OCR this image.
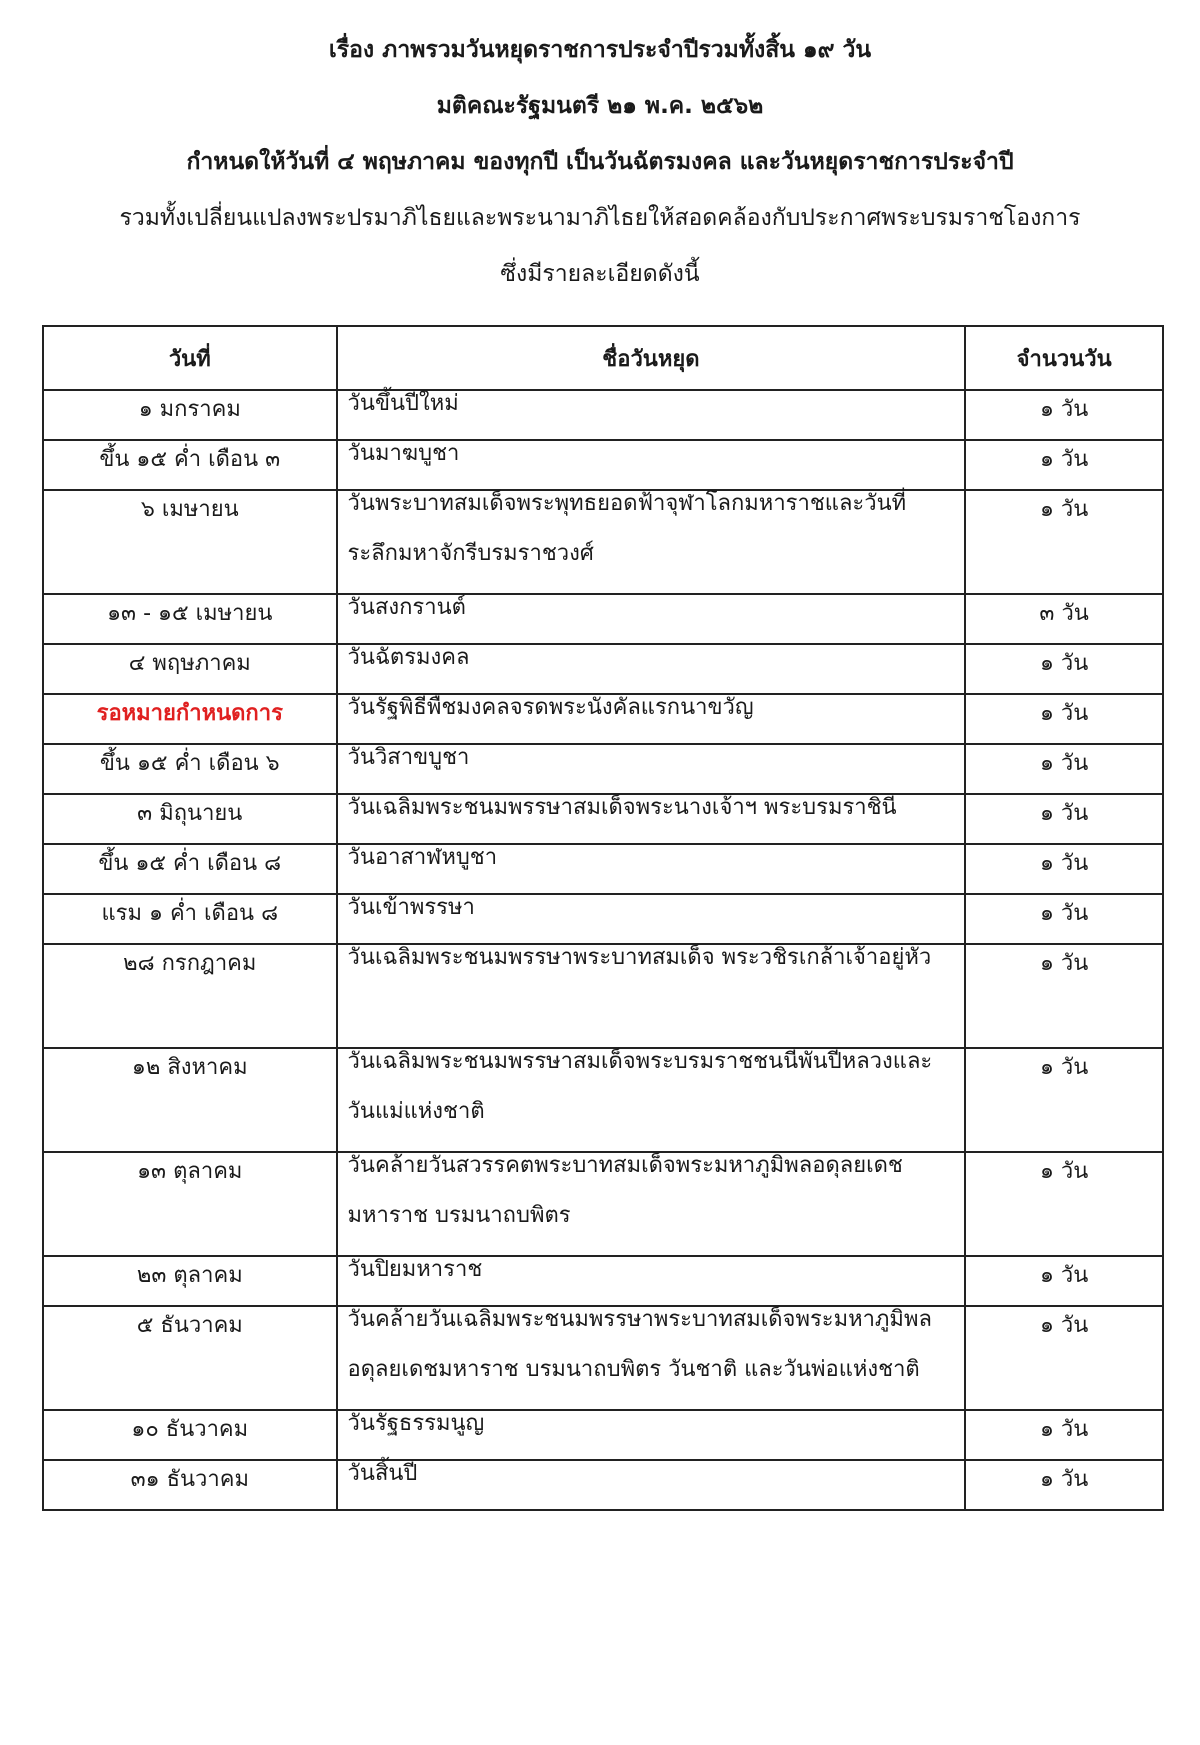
เรื่อง ภาพรวมวันหยุดราชการประจำปีรวมทั้งสิ้น ๑๙ วัน
มติคณะรัฐมนตรี ๒๑ พ.ค. ๒๕๖๒
กำหนดให้วันที่ ๔ พฤษภาคม ของทุกปี เป็นวันฉัตรมงคล และวันหยุดราชการประจำปี
รวมทั้งเปลี่ยนแปลงพระปรมาภิไธยและพระนามาภิไธยให้สอดคล้องกับประกาศพระบรมราชโองการ
ซึ่งมีรายละเอียดดังนี้
วันที่	ชื่อวันหยุด	จำนวนวัน
๑ มกราคม	วันขึ้นปีใหม่	๑ วัน
ขึ้น ๑๕ ค่ำ เดือน ๓	วันมาฆบูชา	๑ วัน
๖ เมษายน	วันพระบาทสมเด็จพระพุทธยอดฟ้าจุฬาโลกมหาราชและวันที่ระลึกมหาจักรีบรมราชวงศ์	๑ วัน
๑๓ - ๑๕ เมษายน	วันสงกรานต์	๓ วัน
๔ พฤษภาคม	วันฉัตรมงคล	๑ วัน
รอหมายกำหนดการ	วันรัฐพิธีพืชมงคลจรดพระนังคัลแรกนาขวัญ	๑ วัน
ขึ้น ๑๕ ค่ำ เดือน ๖	วันวิสาขบูชา	๑ วัน
๓ มิถุนายน	วันเฉลิมพระชนมพรรษาสมเด็จพระนางเจ้าฯ พระบรมราชินี	๑ วัน
ขึ้น ๑๕ ค่ำ เดือน ๘	วันอาสาฬหบูชา	๑ วัน
แรม ๑ ค่ำ เดือน ๘	วันเข้าพรรษา	๑ วัน
๒๘ กรกฎาคม	วันเฉลิมพระชนมพรรษาพระบาทสมเด็จ พระวชิรเกล้าเจ้าอยู่หัว	๑ วัน
๑๒ สิงหาคม	วันเฉลิมพระชนมพรรษาสมเด็จพระบรมราชชนนีพันปีหลวงและวันแม่แห่งชาติ	๑ วัน
๑๓ ตุลาคม	วันคล้ายวันสวรรคตพระบาทสมเด็จพระมหาภูมิพลอดุลยเดชมหาราช บรมนาถบพิตร	๑ วัน
๒๓ ตุลาคม	วันปิยมหาราช	๑ วัน
๕ ธันวาคม	วันคล้ายวันเฉลิมพระชนมพรรษาพระบาทสมเด็จพระมหาภูมิพลอดุลยเดชมหาราช บรมนาถบพิตร วันชาติ และวันพ่อแห่งชาติ	๑ วัน
๑๐ ธันวาคม	วันรัฐธรรมนูญ	๑ วัน
๓๑ ธันวาคม	วันสิ้นปี	๑ วัน
